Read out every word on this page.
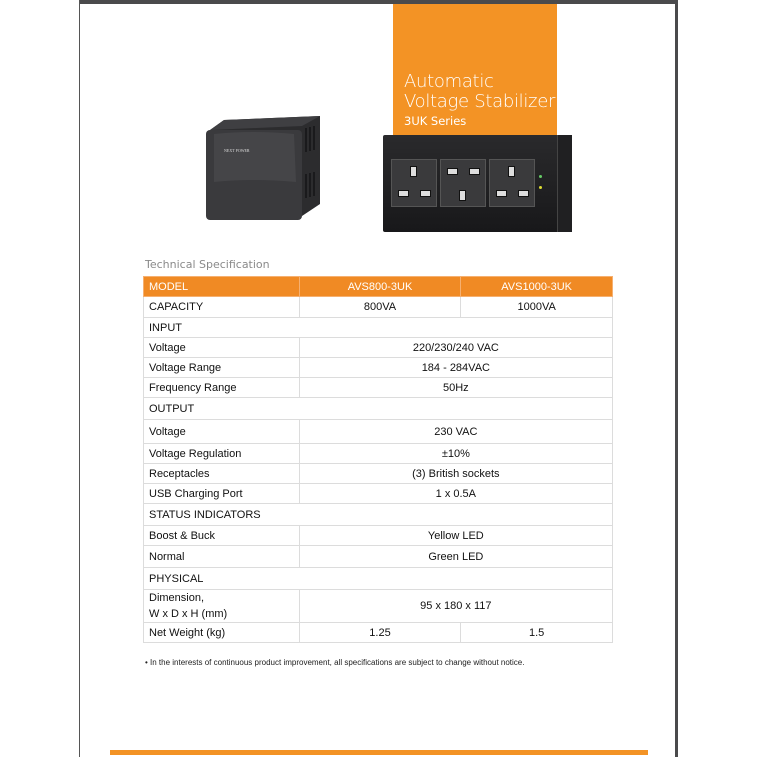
NEXT POWER
Automatic
Voltage Stabilizer
3UK Series
Technical Specification
MODEL	AVS800-3UK	AVS1000-3UK
CAPACITY	800VA	1000VA
INPUT		
Voltage	220/230/240 VAC	
Voltage Range	184 - 284VAC	
Frequency Range	50Hz	
OUTPUT		
Voltage	230 VAC	
Voltage Regulation	±10%	
Receptacles	(3) British sockets	
USB Charging Port	1 x 0.5A	
STATUS INDICATORS		
Boost & Buck	Yellow LED	
Normal	Green LED	
PHYSICAL		
Dimension,
W x D x H (mm)	95 x 180 x 117	
Net Weight (kg)	1.25	1.5
• In the interests of continuous product improvement, all specifications are subject to change without notice.
